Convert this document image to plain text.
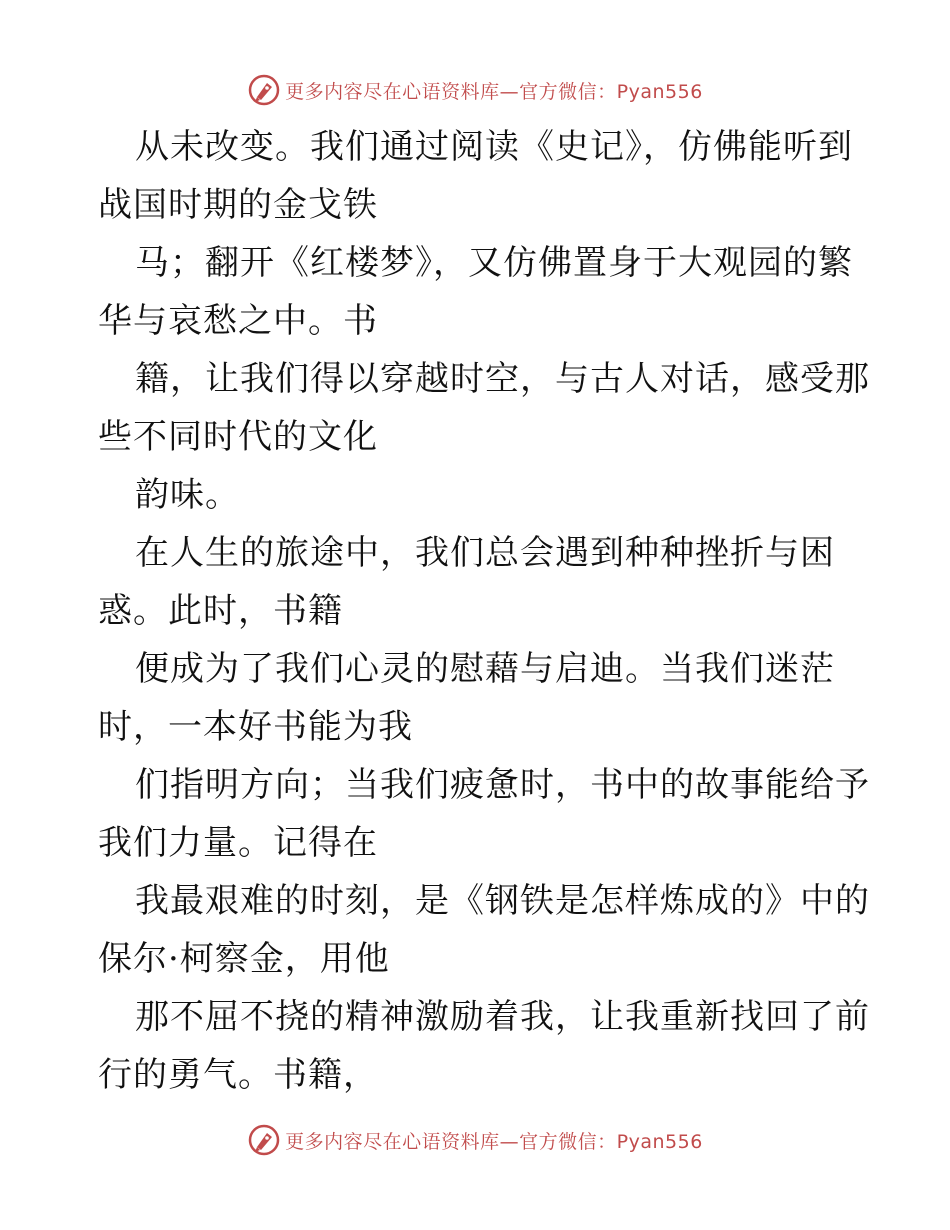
更多内容尽在心语资料库—官方微信：Pyan556
从未改变。我们通过阅读《史记》，仿佛能听到
战国时期的金戈铁
马；翻开《红楼梦》，又仿佛置身于大观园的繁
华与哀愁之中。书
籍，让我们得以穿越时空，与古人对话，感受那
些不同时代的文化
韵味。
在人生的旅途中，我们总会遇到种种挫折与困
惑。此时，书籍
便成为了我们心灵的慰藉与启迪。当我们迷茫
时，一本好书能为我
们指明方向；当我们疲惫时，书中的故事能给予
我们力量。记得在
我最艰难的时刻，是《钢铁是怎样炼成的》中的
保尔·柯察金，用他
那不屈不挠的精神激励着我，让我重新找回了前
行的勇气。书籍，
更多内容尽在心语资料库—官方微信：Pyan556
